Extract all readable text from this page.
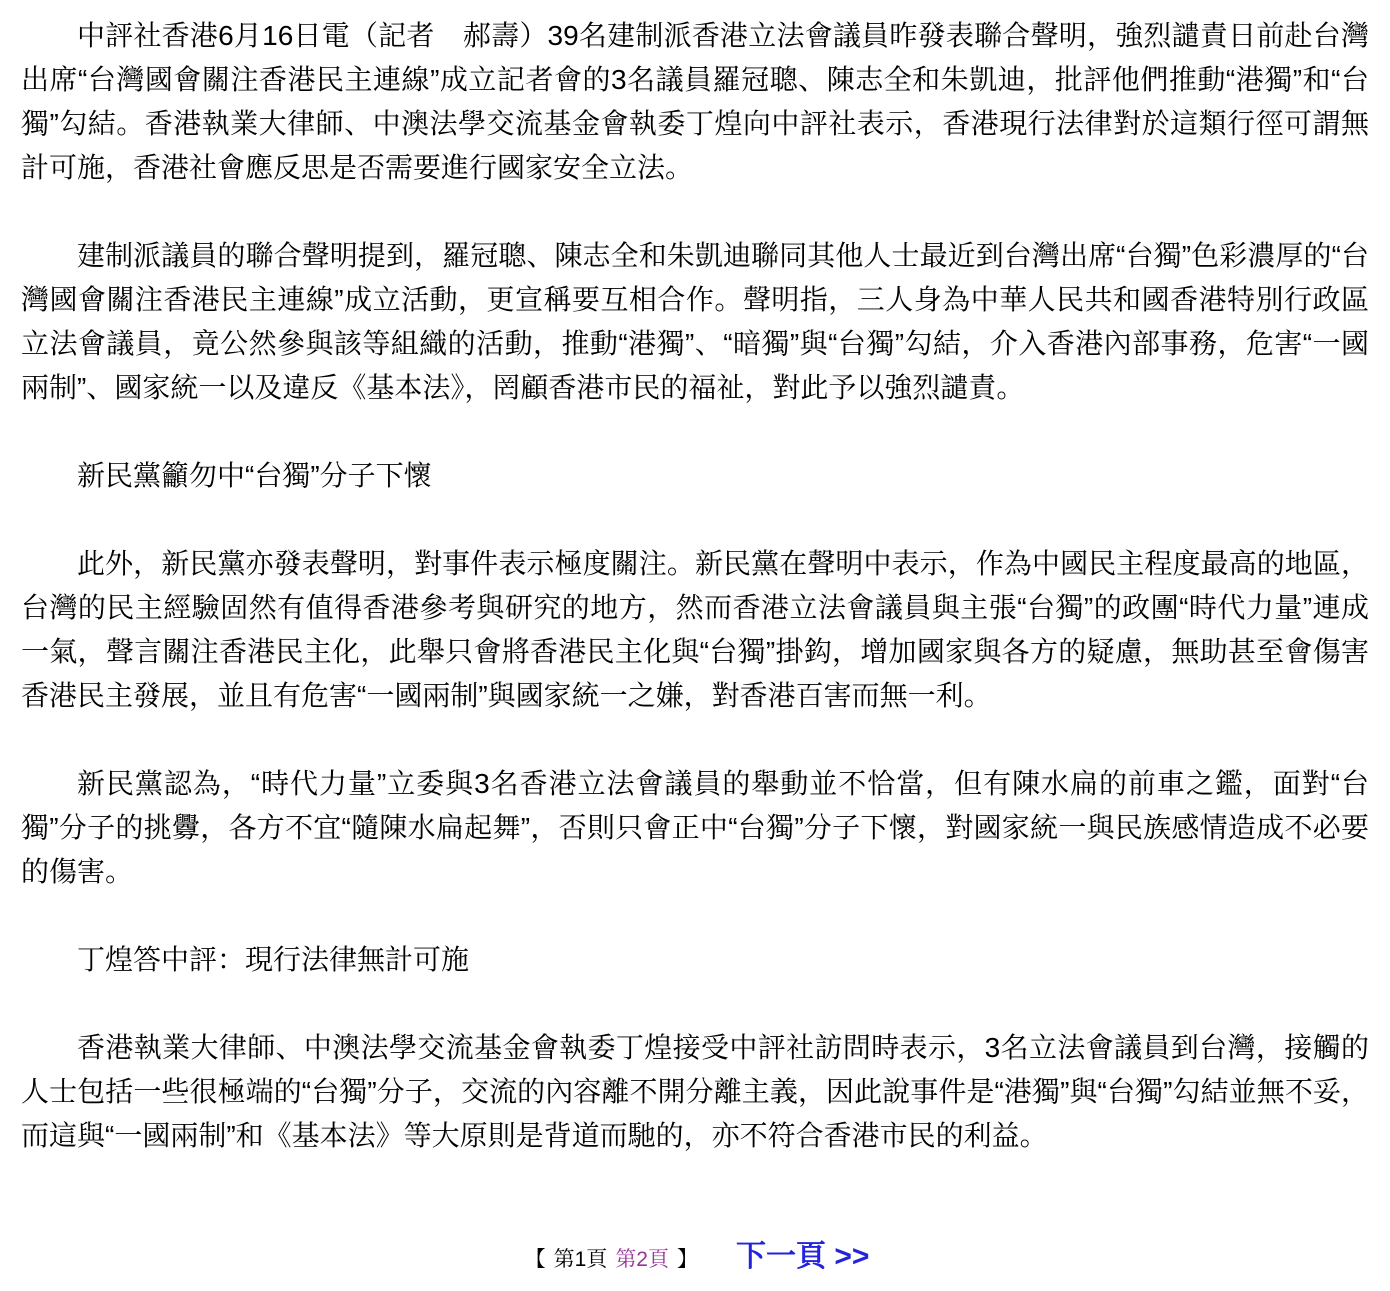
中評社香港6月16日電（記者　郝壽）39名建制派香港立法會議員昨發表聯合聲明，強烈譴責日前赴台灣出席“台灣國會關注香港民主連線”成立記者會的3名議員羅冠聰、陳志全和朱凱迪，批評他們推動“港獨”和“台獨”勾結。香港執業大律師、中澳法學交流基金會執委丁煌向中評社表示，香港現行法律對於這類行徑可謂無計可施，香港社會應反思是否需要進行國家安全立法。

建制派議員的聯合聲明提到，羅冠聰、陳志全和朱凱迪聯同其他人士最近到台灣出席“台獨”色彩濃厚的“台灣國會關注香港民主連線”成立活動，更宣稱要互相合作。聲明指，三人身為中華人民共和國香港特別行政區立法會議員，竟公然參與該等組織的活動，推動“港獨”、“暗獨”與“台獨”勾結，介入香港內部事務，危害“一國兩制”、國家統一以及違反《基本法》，罔顧香港市民的福祉，對此予以強烈譴責。

新民黨籲勿中“台獨”分子下懷

此外，新民黨亦發表聲明，對事件表示極度關注。新民黨在聲明中表示，作為中國民主程度最高的地區，台灣的民主經驗固然有值得香港參考與研究的地方，然而香港立法會議員與主張“台獨”的政團“時代力量”連成一氣，聲言關注香港民主化，此舉只會將香港民主化與“台獨”掛鈎，增加國家與各方的疑慮，無助甚至會傷害香港民主發展，並且有危害“一國兩制”與國家統一之嫌，對香港百害而無一利。

新民黨認為，“時代力量”立委與3名香港立法會議員的舉動並不恰當，但有陳水扁的前車之鑑，面對“台獨”分子的挑釁，各方不宜“隨陳水扁起舞”，否則只會正中“台獨”分子下懷，對國家統一與民族感情造成不必要的傷害。

丁煌答中評：現行法律無計可施

香港執業大律師、中澳法學交流基金會執委丁煌接受中評社訪問時表示，3名立法會議員到台灣，接觸的人士包括一些很極端的“台獨”分子，交流的內容離不開分離主義，因此說事件是“港獨”與“台獨”勾結並無不妥，而這與“一國兩制”和《基本法》等大原則是背道而馳的，亦不符合香港市民的利益。

【 第1頁 第2頁 】 下一頁 >>
